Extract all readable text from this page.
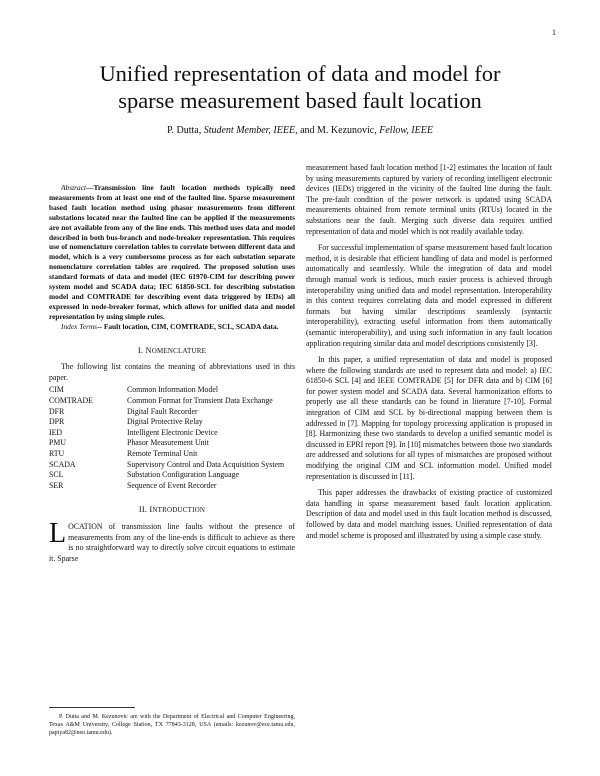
1
Unified representation of data and model for
sparse measurement based fault location
P. Dutta, Student Member, IEEE, and M. Kezunovic, Fellow, IEEE

Abstract—Transmission line fault location methods typically need measurements from at least one end of the faulted line. Sparse measurement based fault location method using phasor measurements from different substations located near the faulted line can be applied if the measurements are not available from any of the line ends. This method uses data and model described in both bus-branch and node-breaker representation. This requires use of nomenclature correlation tables to correlate between different data and model, which is a very cumbersome process as for each substation separate nomenclature correlation tables are required. The proposed solution uses standard formats of data and model (IEC 61970-CIM for describing power system model and SCADA data; IEC 61850-SCL for describing substation model and COMTRADE for describing event data triggered by IEDs) all expressed in node-breaker format, which allows for unified data and model representation by using simple rules.

Index Terms-- Fault location, CIM, COMTRADE, SCL, SCADA data.

I. NOMENCLATURE

The following list contains the meaning of abbreviations used in this paper.

CIM	Common Information Model
COMTRADE	Common Format for Transient Data Exchange
DFR	Digital Fault Recorder
DPR	Digital Protective Relay
IED	Intelligent Electronic Device
PMU	Phasor Measurement Unit
RTU	Remote Terminal Unit
SCADA	Supervisory Control and Data Acquisition System
SCL	Substation Configuration Language
SER	Sequence of Event Recorder
II. INTRODUCTION
L OCATION of transmission line faults without the presence of measurements from any of the line-ends is difficult to achieve as there is no straightforward way to directly solve circuit equations to estimate it. Sparse

P. Dutta and M. Kezunovic are with the Department of Electrical and Computer Engineering, Texas A&M University, College Station, TX 77843-3128, USA (emails: kezunov@ece.tamu.edu, papiya82@neo.tamu.edu).

measurement based fault location method [1-2] estimates the location of fault by using measurements captured by variety of recording intelligent electronic devices (IEDs) triggered in the vicinity of the faulted line during the fault. The pre-fault condition of the power network is updated using SCADA measurements obtained from remote terminal units (RTUs) located in the substations near the fault. Merging such diverse data requires unified representation of data and model which is not readily available today.

For successful implementation of sparse measurement based fault location method, it is desirable that efficient handling of data and model is performed automatically and seamlessly. While the integration of data and model through manual work is tedious, much easier process is achieved through interoperability using unified data and model representation. Interoperability in this context requires correlating data and model expressed in different formats but having similar descriptions seamlessly (syntactic interoperability), extracting useful information from them automatically (semantic interoperability), and using such information in any fault location application requiring similar data and model descriptions consistently [3].

In this paper, a unified representation of data and model is proposed where the following standards are used to represent data and model: a) IEC 61850-6 SCL [4] and IEEE COMTRADE [5] for DFR data and b) CIM [6] for power system model and SCADA data. Several harmonization efforts to properly use all these standards can be found in literature [7-10]. Formal integration of CIM and SCL by bi-directional mapping between them is addressed in [7]. Mapping for topology processing application is proposed in [8]. Harmonizing these two standards to develop a unified semantic model is discussed in EPRI report [9]. In [10] mismatches between those two standards are addressed and solutions for all types of mismatches are proposed without modifying the original CIM and SCL information model. Unified model representation is discussed in [11].

This paper addresses the drawbacks of existing practice of customized data handling in sparse measurement based fault location application. Description of data and model used in this fault location method is discussed, followed by data and model matching issues. Unified representation of data and model scheme is proposed and illustrated by using a simple case study.
